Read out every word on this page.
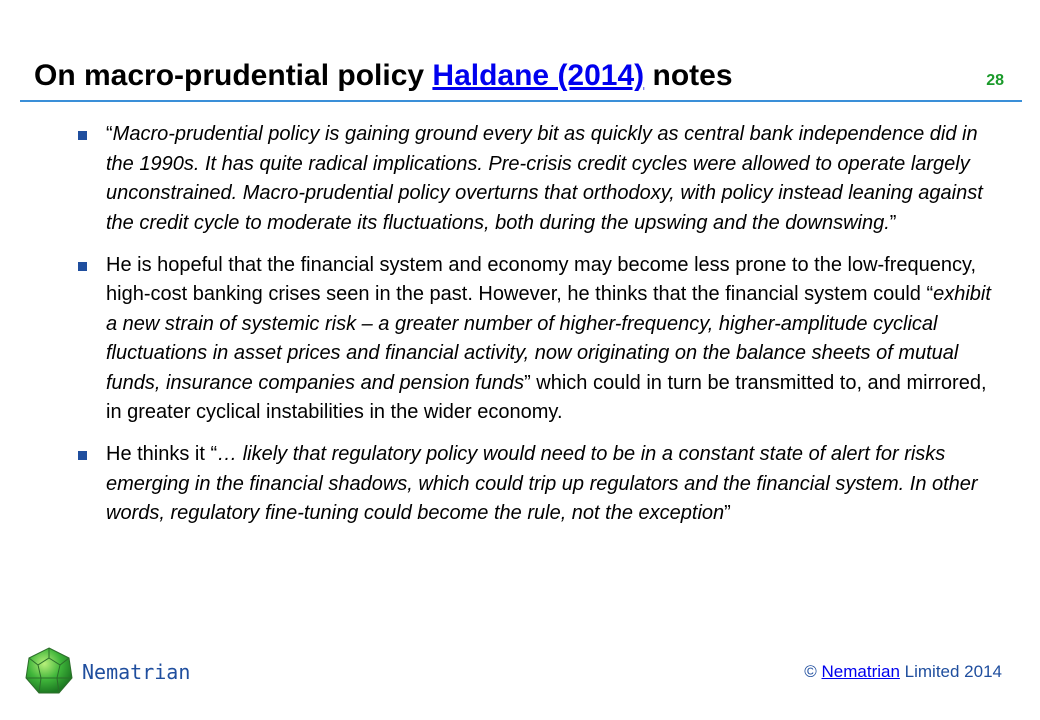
On macro-prudential policy Haldane (2014) notes	28
“Macro-prudential policy is gaining ground every bit as quickly as central bank independence did in the 1990s. It has quite radical implications. Pre-crisis credit cycles were allowed to operate largely unconstrained. Macro-prudential policy overturns that orthodoxy, with policy instead leaning against the credit cycle to moderate its fluctuations, both during the upswing and the downswing.”
He is hopeful that the financial system and economy may become less prone to the low-frequency, high-cost banking crises seen in the past. However, he thinks that the financial system could “exhibit a new strain of systemic risk – a greater number of higher-frequency, higher-amplitude cyclical fluctuations in asset prices and financial activity, now originating on the balance sheets of mutual funds, insurance companies and pension funds” which could in turn be transmitted to, and mirrored, in greater cyclical instabilities in the wider economy.
He thinks it “… likely that regulatory policy would need to be in a constant state of alert for risks emerging in the financial shadows, which could trip up regulators and the financial system. In other words, regulatory fine-tuning could become the rule, not the exception”
Nematrian	© Nematrian Limited 2014
